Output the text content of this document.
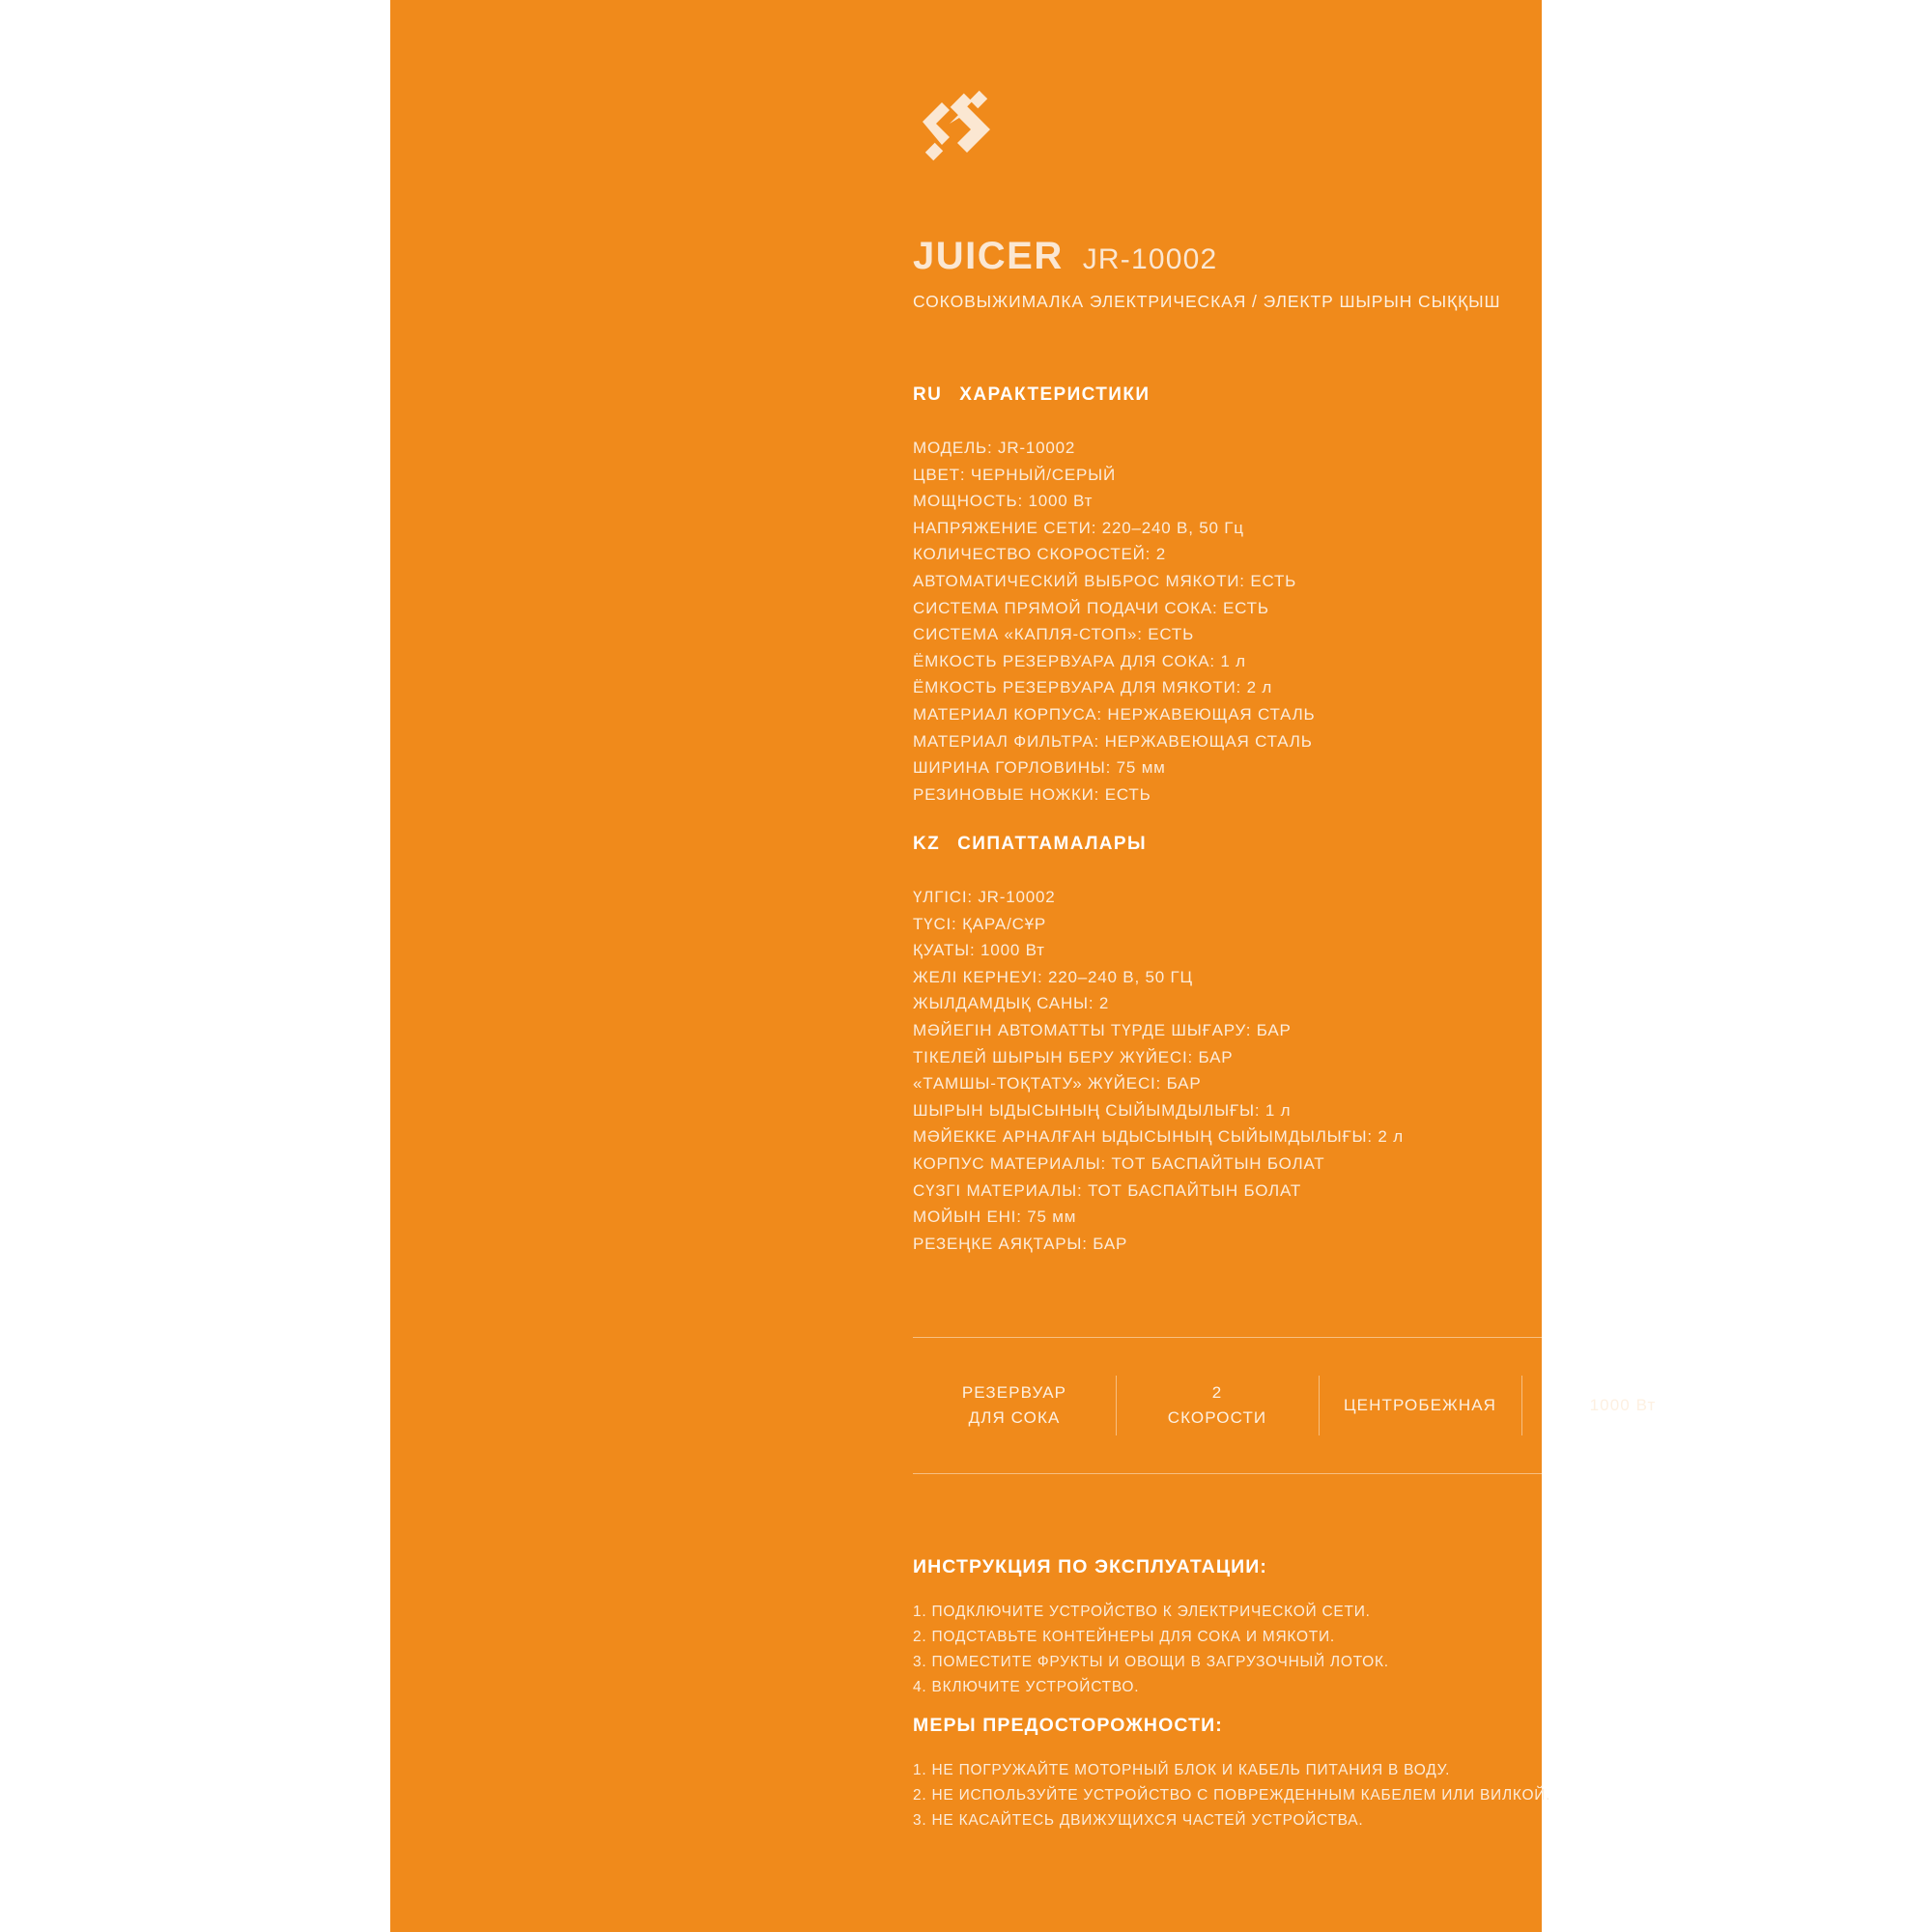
JUICER JR-10002
СОКОВЫЖИМАЛКА ЭЛЕКТРИЧЕСКАЯ / ЭЛЕКТР ШЫРЫН СЫҚҚЫШ
RU ХАРАКТЕРИСТИКИ
МОДЕЛЬ: JR-10002
ЦВЕТ: ЧЕРНЫЙ/СЕРЫЙ
МОЩНОСТЬ: 1000 Вт
НАПРЯЖЕНИЕ СЕТИ: 220–240 В, 50 Гц
КОЛИЧЕСТВО СКОРОСТЕЙ: 2
АВТОМАТИЧЕСКИЙ ВЫБРОС МЯКОТИ: ЕСТЬ
СИСТЕМА ПРЯМОЙ ПОДАЧИ СОКА: ЕСТЬ
СИСТЕМА «КАПЛЯ-СТОП»: ЕСТЬ
ЁМКОСТЬ РЕЗЕРВУАРА ДЛЯ СОКА: 1 л
ЁМКОСТЬ РЕЗЕРВУАРА ДЛЯ МЯКОТИ: 2 л
МАТЕРИАЛ КОРПУСА: НЕРЖАВЕЮЩАЯ СТАЛЬ
МАТЕРИАЛ ФИЛЬТРА: НЕРЖАВЕЮЩАЯ СТАЛЬ
ШИРИНА ГОРЛОВИНЫ: 75 мм
РЕЗИНОВЫЕ НОЖКИ: ЕСТЬ
KZ СИПАТТАМАЛАРЫ
ҮЛГІСІ: JR-10002
ТҮСІ: ҚАРА/СҰР
ҚУАТЫ: 1000 Вт
ЖЕЛІ КЕРНЕУІ: 220–240 В, 50 ГЦ
ЖЫЛДАМДЫҚ САНЫ: 2
МӘЙЕГІН АВТОМАТТЫ ТҮРДЕ ШЫҒАРУ: БАР
ТІКЕЛЕЙ ШЫРЫН БЕРУ ЖҮЙЕСІ: БАР
«ТАМШЫ-ТОҚТАТУ» ЖҮЙЕСІ: БАР
ШЫРЫН ЫДЫСЫНЫҢ СЫЙЫМДЫЛЫҒЫ: 1 л
МӘЙЕККЕ АРНАЛҒАН ЫДЫСЫНЫҢ СЫЙЫМДЫЛЫҒЫ: 2 л
КОРПУС МАТЕРИАЛЫ: ТОТ БАСПАЙТЫН БОЛАТ
СҮЗГІ МАТЕРИАЛЫ: ТОТ БАСПАЙТЫН БОЛАТ
МОЙЫН ЕНІ: 75 мм
РЕЗЕҢКЕ АЯҚТАРЫ: БАР
РЕЗЕРВУАР
ДЛЯ СОКА
2
СКОРОСТИ
ЦЕНТРОБЕЖНАЯ	1000 Вт
ИНСТРУКЦИЯ ПО ЭКСПЛУАТАЦИИ:
1. ПОДКЛЮЧИТЕ УСТРОЙСТВО К ЭЛЕКТРИЧЕСКОЙ СЕТИ.
2. ПОДСТАВЬТЕ КОНТЕЙНЕРЫ ДЛЯ СОКА И МЯКОТИ.
3. ПОМЕСТИТЕ ФРУКТЫ И ОВОЩИ В ЗАГРУЗОЧНЫЙ ЛОТОК.
4. ВКЛЮЧИТЕ УСТРОЙСТВО.
МЕРЫ ПРЕДОСТОРОЖНОСТИ:
1. НЕ ПОГРУЖАЙТЕ МОТОРНЫЙ БЛОК И КАБЕЛЬ ПИТАНИЯ В ВОДУ.
2. НЕ ИСПОЛЬЗУЙТЕ УСТРОЙСТВО С ПОВРЕЖДЕННЫМ КАБЕЛЕМ ИЛИ ВИЛКОЙ.
3. НЕ КАСАЙТЕСЬ ДВИЖУЩИХСЯ ЧАСТЕЙ УСТРОЙСТВА.
